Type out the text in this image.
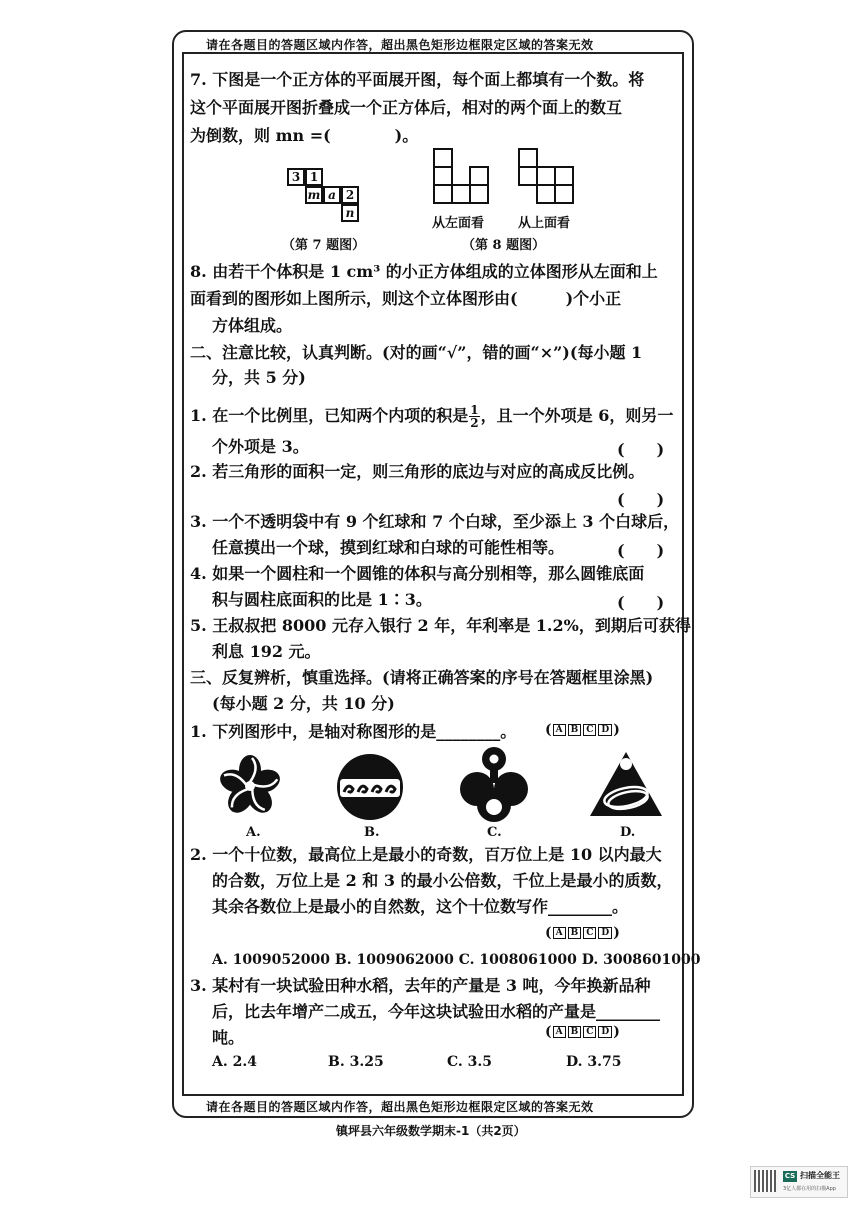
请在各题目的答题区域内作答，超出黑色矩形边框限定区域的答案无效
7. 下图是一个正方体的平面展开图，每个面上都填有一个数。将
这个平面展开图折叠成一个正方体后，相对的两个面上的数互
为倒数，则 mn =(　　　　)。
3 1
m a 2
n
（第 7 题图）
从左面看	从上面看
（第 8 题图）
8. 由若干个体积是 1 cm³ 的小正方体组成的立体图形从左面和上
面看到的图形如上图所示，则这个立体图形由(　　　)个小正
方体组成。
二、注意比较，认真判断。(对的画“√”，错的画“×”)(每小题 1
分，共 5 分)
1. 在一个比例里，已知两个内项的积是 $\frac{1}{2}$ ，且一个外项是 6，则另一
个外项是 3。	(　　)
2. 若三角形的面积一定，则三角形的底边与对应的高成反比例。
(　　)
3. 一个不透明袋中有 9 个红球和 7 个白球，至少添上 3 个白球后，
任意摸出一个球，摸到红球和白球的可能性相等。	(　　)
4. 如果一个圆柱和一个圆锥的体积与高分别相等，那么圆锥底面
积与圆柱底面积的比是 1∶3。	(　　)
5. 王叔叔把 8000 元存入银行 2 年，年利率是 1.2%，到期后可获得
利息 192 元。
三、反复辨析，慎重选择。(请将正确答案的序号在答题框里涂黑)
(每小题 2 分，共 10 分)
1. 下列图形中，是轴对称图形的是________。 ( A B C D )
A.	B.	C.	D.
2. 一个十位数，最高位上是最小的奇数，百万位上是 10 以内最大
的合数，万位上是 2 和 3 的最小公倍数，千位上是最小的质数，
其余各数位上是最小的自然数，这个十位数写作________。
( A B C D )
A. 1009052000 B. 1009062000 C. 1008061000 D. 3008601000
3. 某村有一块试验田种水稻，去年的产量是 3 吨，今年换新品种
后，比去年增产二成五，今年这块试验田水稻的产量是________
吨。	( A B C D )
A. 2.4	B. 3.25	C. 3.5	D. 3.75
请在各题目的答题区域内作答，超出黑色矩形边框限定区域的答案无效
镇坪县六年级数学期末-1（共2页）
CS 扫描全能王
3亿人都在用的扫描App
